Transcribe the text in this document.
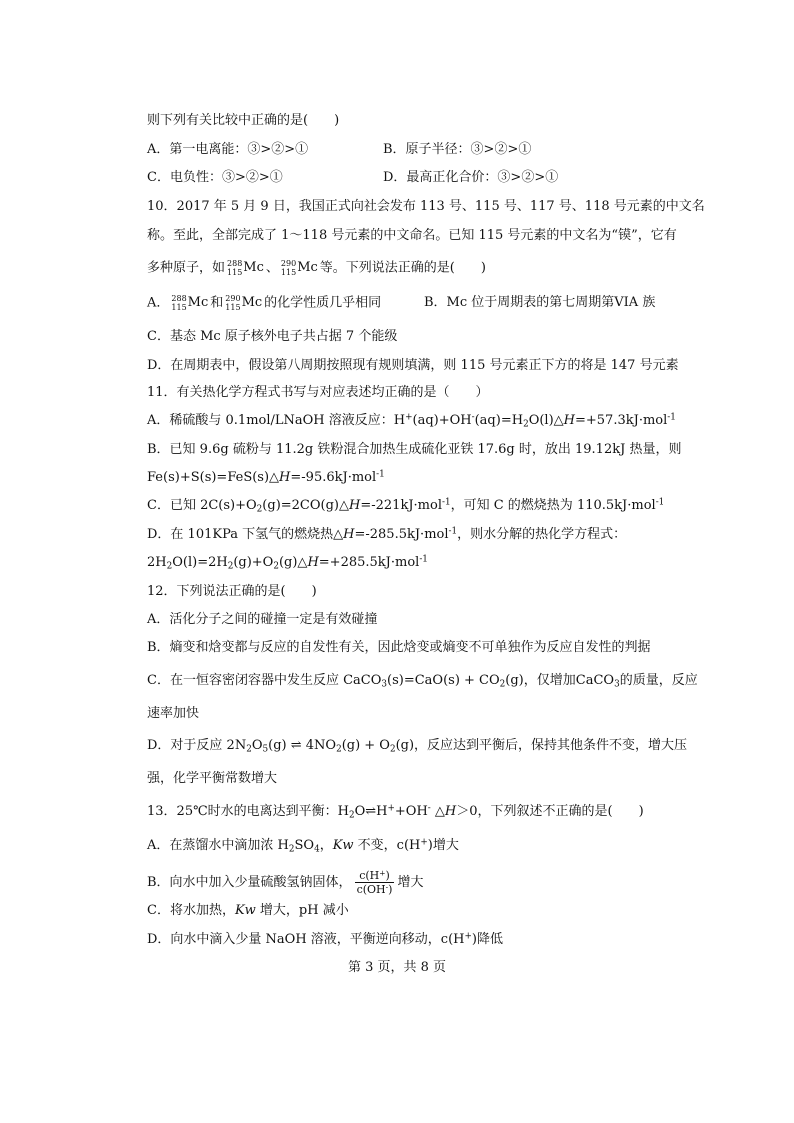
则下列有关比较中正确的是(　　)
A．第一电离能：③>②>①	B．原子半径：③>②>①
C．电负性：③>②>①	D．最高正化合价：③>②>①
10．2017 年 5 月 9 日，我国正式向社会发布 113 号、115 号、117 号、118 号元素的中文名
称。至此，全部完成了 1～118 号元素的中文命名。已知 115 号元素的中文名为“镆”，它有
多种原子，如 288
115 Mc 、 290
115 Mc 等。下列说法正确的是(　　)
A． 288
115 Mc 和 290
115 Mc 的化学性质几乎相同	B．Mc 位于周期表的第七周期第VIA 族
C．基态 Mc 原子核外电子共占据 7 个能级
D．在周期表中，假设第八周期按照现有规则填满，则 115 号元素正下方的将是 147 号元素
11．有关热化学方程式书写与对应表述均正确的是（　　）
A．稀硫酸与 0.1mol/LNaOH 溶液反应：$H^+(aq)+OH^-(aq)=H_2O(l)\triangle H=+57.3kJ\cdot mol^{-1}$
B．已知 9.6g 硫粉与 11.2g 铁粉混合加热生成硫化亚铁 17.6g 时，放出 19.12kJ 热量，则
Fe(s)+S(s)=FeS(s)△H=-95.6kJ·mol$^{-1}$
C．已知 $2C(s)+O_2(g)=2CO(g)\triangle H=-221kJ\cdot mol^{-1}$，可知 C 的燃烧热为 110.5kJ·mol$^{-1}$
D．在 101KPa 下氢气的燃烧热△H=-285.5kJ·mol$^{-1}$，则水分解的热化学方程式：
$2H_2O(l)=2H_2(g)+O_2(g)\triangle H=+285.5kJ\cdot mol^{-1}$
12．下列说法正确的是(　　)
A．活化分子之间的碰撞一定是有效碰撞
B．熵变和焓变都与反应的自发性有关，因此焓变或熵变不可单独作为反应自发性的判据
C．在一恒容密闭容器中发生反应 CaCO$_3$(s)=CaO(s) + $CO_2(g)$，仅增加CaCO$_3$的质量，反应
速率加快
D．对于反应 $2N_2O_5(g)$ ⇌ $4NO_2(g) + O_2(g)$，反应达到平衡后，保持其他条件不变，增大压
强，化学平衡常数增大
13．25℃时水的电离达到平衡：$H_2O\rightleftharpoons H^++OH^-$ △H＞0，下列叙述不正确的是(　　)
A．在蒸馏水中滴加浓 $H_2SO_4$，Kw 不变，c(H+)增大
B．向水中加入少量硫酸氢钠固体， $\frac{c(H^+)}{c(OH^-)}$ 增大
C．将水加热，Kw 增大，pH 减小
D．向水中滴入少量 NaOH 溶液，平衡逆向移动，c(H+)降低
第 3 页，共 8 页
